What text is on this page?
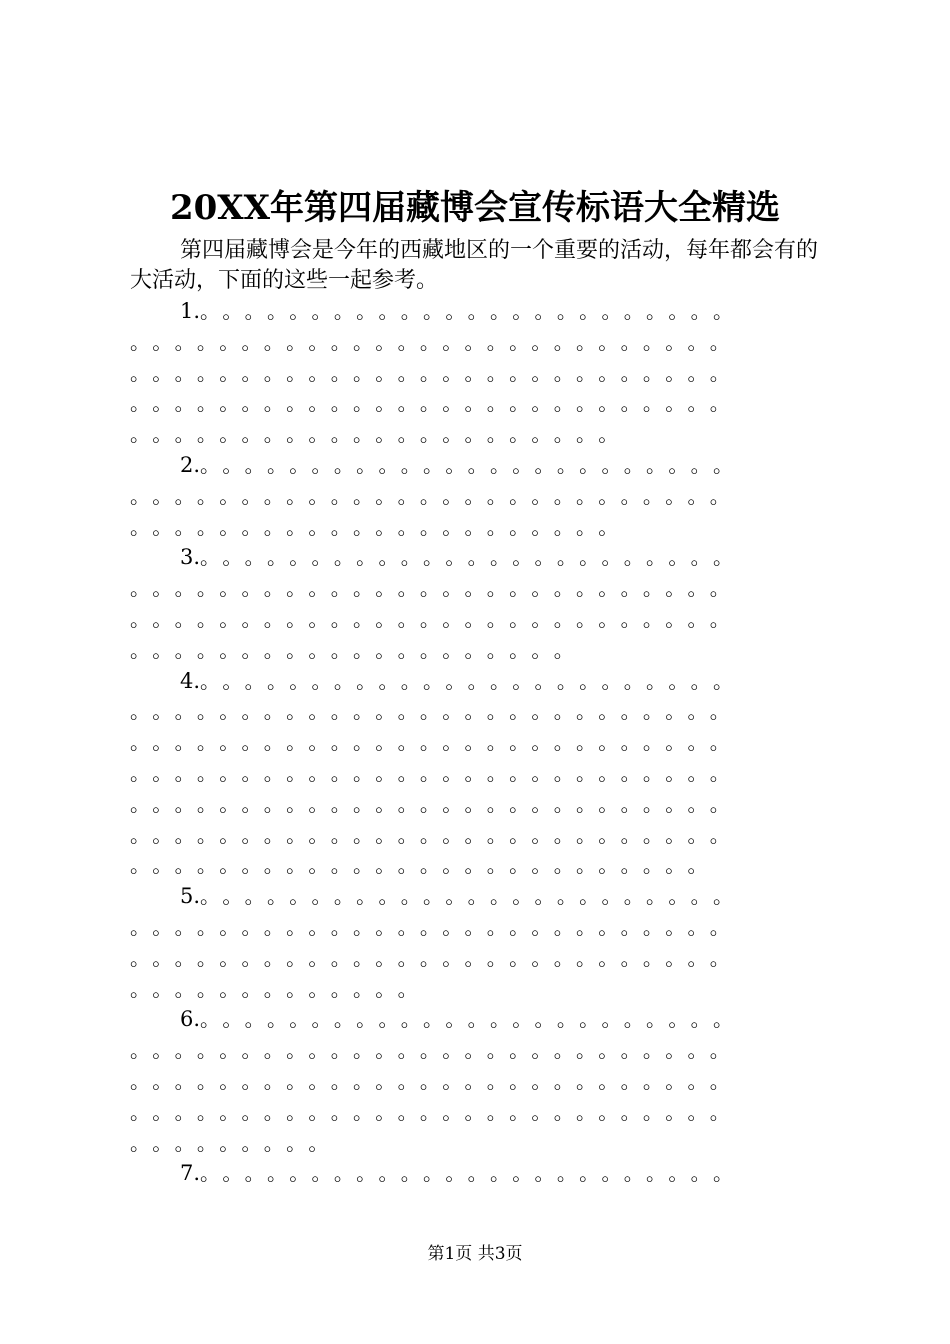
20XX年第四届藏博会宣传标语大全精选

第四届藏博会是今年的西藏地区的一个重要的活动，每年都会有的大活动，下面的这些一起参考。

1.。。。。。。。。。。。。。。。。。。。。。。。。
。。。。。。。。。。。。。。。。。。。。。。。。。。。
。。。。。。。。。。。。。。。。。。。。。。。。。。。
。。。。。。。。。。。。。。。。。。。。。。。。。。。
。。。。。。。。。。。。。。。。。。。。。。
2.。。。。。。。。。。。。。。。。。。。。。。。。
。。。。。。。。。。。。。。。。。。。。。。。。。。。
。。。。。。。。。。。。。。。。。。。。。。
3.。。。。。。。。。。。。。。。。。。。。。。。。
。。。。。。。。。。。。。。。。。。。。。。。。。。。
。。。。。。。。。。。。。。。。。。。。。。。。。。。
。。。。。。。。。。。。。。。。。。。。
4.。。。。。。。。。。。。。。。。。。。。。。。。
。。。。。。。。。。。。。。。。。。。。。。。。。。。
。。。。。。。。。。。。。。。。。。。。。。。。。。。
。。。。。。。。。。。。。。。。。。。。。。。。。。。
。。。。。。。。。。。。。。。。。。。。。。。。。。。
。。。。。。。。。。。。。。。。。。。。。。。。。。。
。。。。。。。。。。。。。。。。。。。。。。。。。。
5.。。。。。。。。。。。。。。。。。。。。。。。。
。。。。。。。。。。。。。。。。。。。。。。。。。。。
。。。。。。。。。。。。。。。。。。。。。。。。。。。
。。。。。。。。。。。。。
6.。。。。。。。。。。。。。。。。。。。。。。。。
。。。。。。。。。。。。。。。。。。。。。。。。。。。
。。。。。。。。。。。。。。。。。。。。。。。。。。。
。。。。。。。。。。。。。。。。。。。。。。。。。。。
。。。。。。。。。
7.。。。。。。。。。。。。。。。。。。。。。。。。
第1页 共3页
